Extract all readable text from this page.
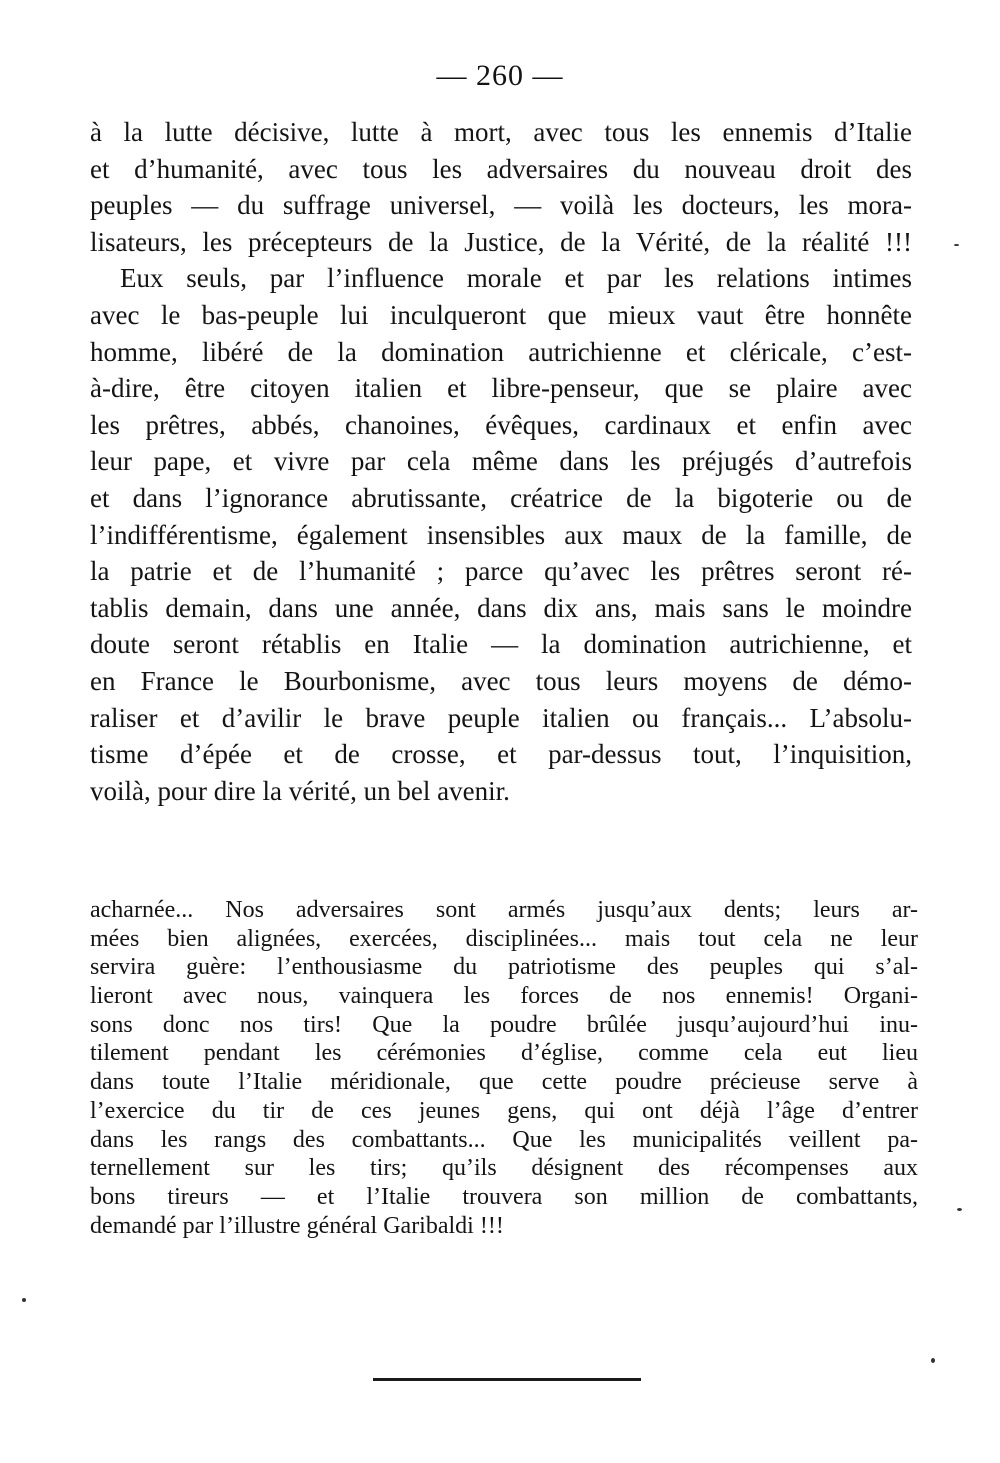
— 260 —
à la lutte décisive, lutte à mort, avec tous les ennemis d’Italie
et d’humanité, avec tous les adversaires du nouveau droit des
peuples — du suffrage universel, — voilà les docteurs, les mora-
lisateurs, les précepteurs de la Justice, de la Vérité, de la réalité !!!
Eux seuls, par l’influence morale et par les relations intimes
avec le bas-peuple lui inculqueront que mieux vaut être honnête
homme, libéré de la domination autrichienne et cléricale, c’est-
à-dire, être citoyen italien et libre-penseur, que se plaire avec
les prêtres, abbés, chanoines, évêques, cardinaux et enfin avec
leur pape, et vivre par cela même dans les préjugés d’autrefois
et dans l’ignorance abrutissante, créatrice de la bigoterie ou de
l’indifférentisme, également insensibles aux maux de la famille, de
la patrie et de l’humanité ; parce qu’avec les prêtres seront ré-
tablis demain, dans une année, dans dix ans, mais sans le moindre
doute seront rétablis en Italie — la domination autrichienne, et
en France le Bourbonisme, avec tous leurs moyens de démo-
raliser et d’avilir le brave peuple italien ou français... L’absolu-
tisme d’épée et de crosse, et par-dessus tout, l’inquisition,
voilà, pour dire la vérité, un bel avenir.
acharnée... Nos adversaires sont armés jusqu’aux dents; leurs ar-
mées bien alignées, exercées, disciplinées... mais tout cela ne leur
servira guère: l’enthousiasme du patriotisme des peuples qui s’al-
lieront avec nous, vainquera les forces de nos ennemis! Organi-
sons donc nos tirs! Que la poudre brûlée jusqu’aujourd’hui inu-
tilement pendant les cérémonies d’église, comme cela eut lieu
dans toute l’Italie méridionale, que cette poudre précieuse serve à
l’exercice du tir de ces jeunes gens, qui ont déjà l’âge d’entrer
dans les rangs des combattants... Que les municipalités veillent pa-
ternellement sur les tirs; qu’ils désignent des récompenses aux
bons tireurs — et l’Italie trouvera son million de combattants,
demandé par l’illustre général Garibaldi !!!
